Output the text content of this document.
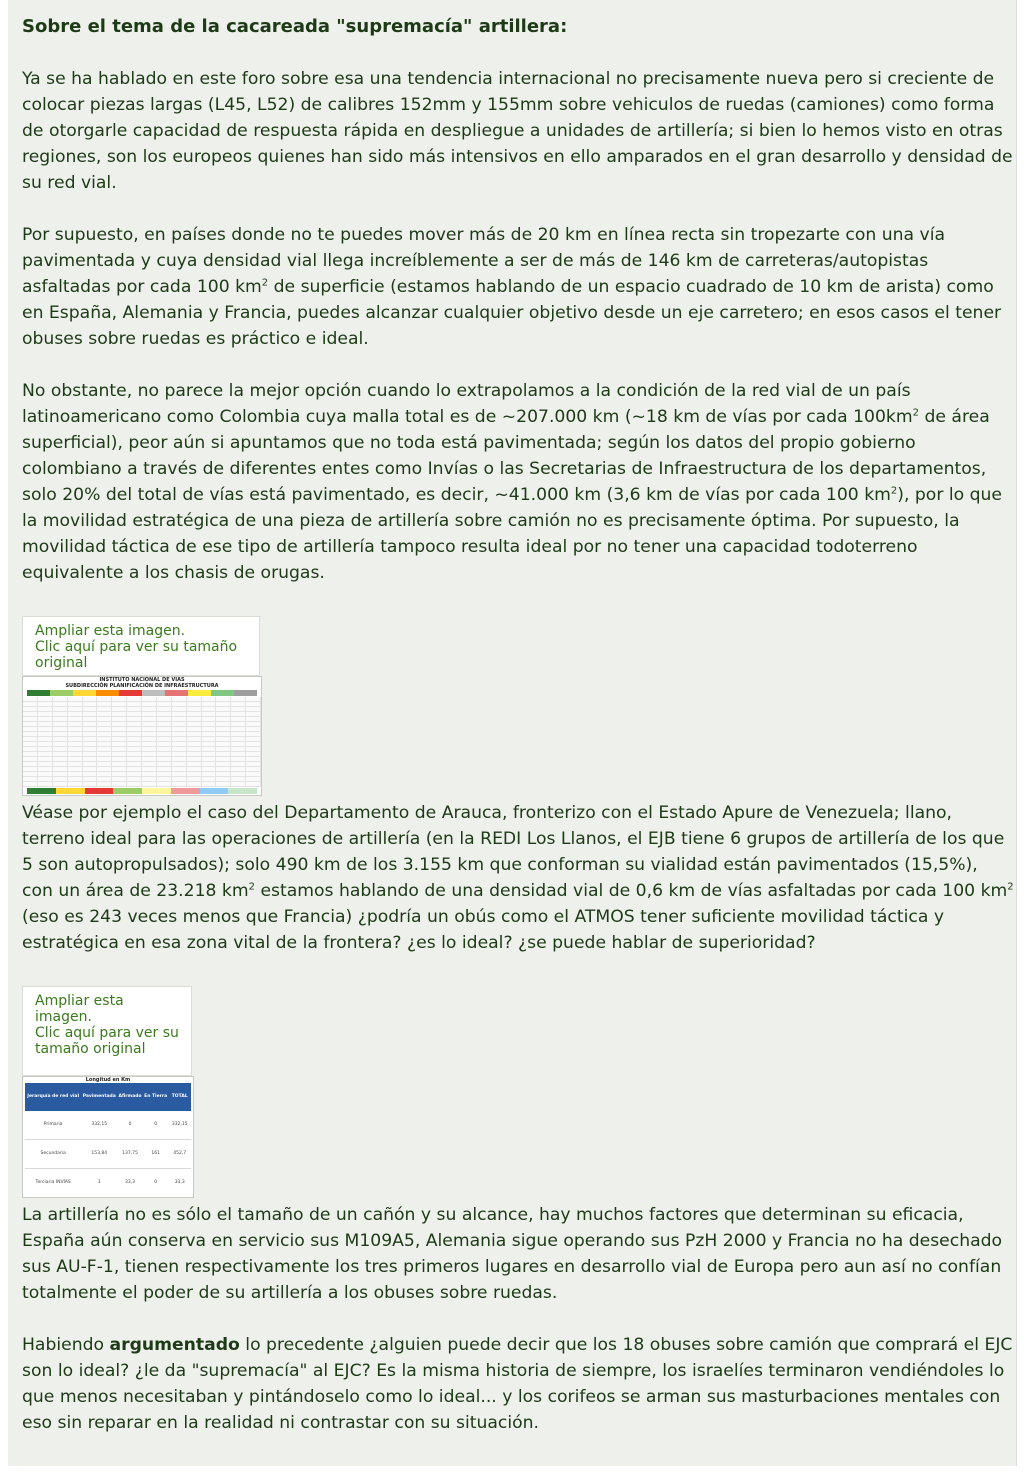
Sobre el tema de la cacareada "supremacía" artillera:

Ya se ha hablado en este foro sobre esa una tendencia internacional no precisamente nueva pero si creciente de colocar piezas largas (L45, L52) de calibres 152mm y 155mm sobre vehiculos de ruedas (camiones) como forma de otorgarle capacidad de respuesta rápida en despliegue a unidades de artillería; si bien lo hemos visto en otras regiones, son los europeos quienes han sido más intensivos en ello amparados en el gran desarrollo y densidad de su red vial.

Por supuesto, en países donde no te puedes mover más de 20 km en línea recta sin tropezarte con una vía pavimentada y cuya densidad vial llega increíblemente a ser de más de 146 km de carreteras/autopistas asfaltadas por cada 100 $km^2$ de superficie (estamos hablando de un espacio cuadrado de 10 km de arista) como en España, Alemania y Francia, puedes alcanzar cualquier objetivo desde un eje carretero; en esos casos el tener obuses sobre ruedas es práctico e ideal.

No obstante, no parece la mejor opción cuando lo extrapolamos a la condición de la red vial de un país latinoamericano como Colombia cuya malla total es de ~207.000 km (~18 km de vías por cada $100km^2$ de área superficial), peor aún si apuntamos que no toda está pavimentada; según los datos del propio gobierno colombiano a través de diferentes entes como Invías o las Secretarias de Infraestructura de los departamentos, solo 20% del total de vías está pavimentado, es decir, ~41.000 km (3,6 km de vías por cada 100 $km^2$), por lo que la movilidad estratégica de una pieza de artillería sobre camión no es precisamente óptima. Por supuesto, la movilidad táctica de ese tipo de artillería tampoco resulta ideal por no tener una capacidad todoterreno equivalente a los chasis de orugas.

Ampliar esta imagen.
Clic aquí para ver su tamaño original
INSTITUTO NACIONAL DE VÍAS
SUBDIRECCIÓN PLANIFICACIÓN DE INFRAESTRUCTURA

Véase por ejemplo el caso del Departamento de Arauca, fronterizo con el Estado Apure de Venezuela; llano, terreno ideal para las operaciones de artillería (en la REDI Los Llanos, el EJB tiene 6 grupos de artillería de los que 5 son autopropulsados); solo 490 km de los 3.155 km que conforman su vialidad están pavimentados (15,5%), con un área de 23.218 $km^2$ estamos hablando de una densidad vial de 0,6 km de vías asfaltadas por cada 100 $km^2$ (eso es 243 veces menos que Francia) ¿podría un obús como el ATMOS tener suficiente movilidad táctica y estratégica en esa zona vital de la frontera? ¿es lo ideal? ¿se puede hablar de superioridad?

Ampliar esta imagen.
Clic aquí para ver su tamaño original
Longitud en Km
Jerarquía de red vial	Pavimentada	Afirmado	En Tierra	TOTAL
Primaria	332,15	0	0	332,15
Secundaria	153,84	137,75	161	452,7
Terciaria INVÍAS	1	33,3	0	33,3

La artillería no es sólo el tamaño de un cañón y su alcance, hay muchos factores que determinan su eficacia, España aún conserva en servicio sus M109A5, Alemania sigue operando sus PzH 2000 y Francia no ha desechado sus AU-F-1, tienen respectivamente los tres primeros lugares en desarrollo vial de Europa pero aun así no confían totalmente el poder de su artillería a los obuses sobre ruedas.

Habiendo argumentado lo precedente ¿alguien puede decir que los 18 obuses sobre camión que comprará el EJC son lo ideal? ¿le da "supremacía" al EJC? Es la misma historia de siempre, los israelíes terminaron vendiéndoles lo que menos necesitaban y pintándoselo como lo ideal... y los corifeos se arman sus masturbaciones mentales con eso sin reparar en la realidad ni contrastar con su situación.
